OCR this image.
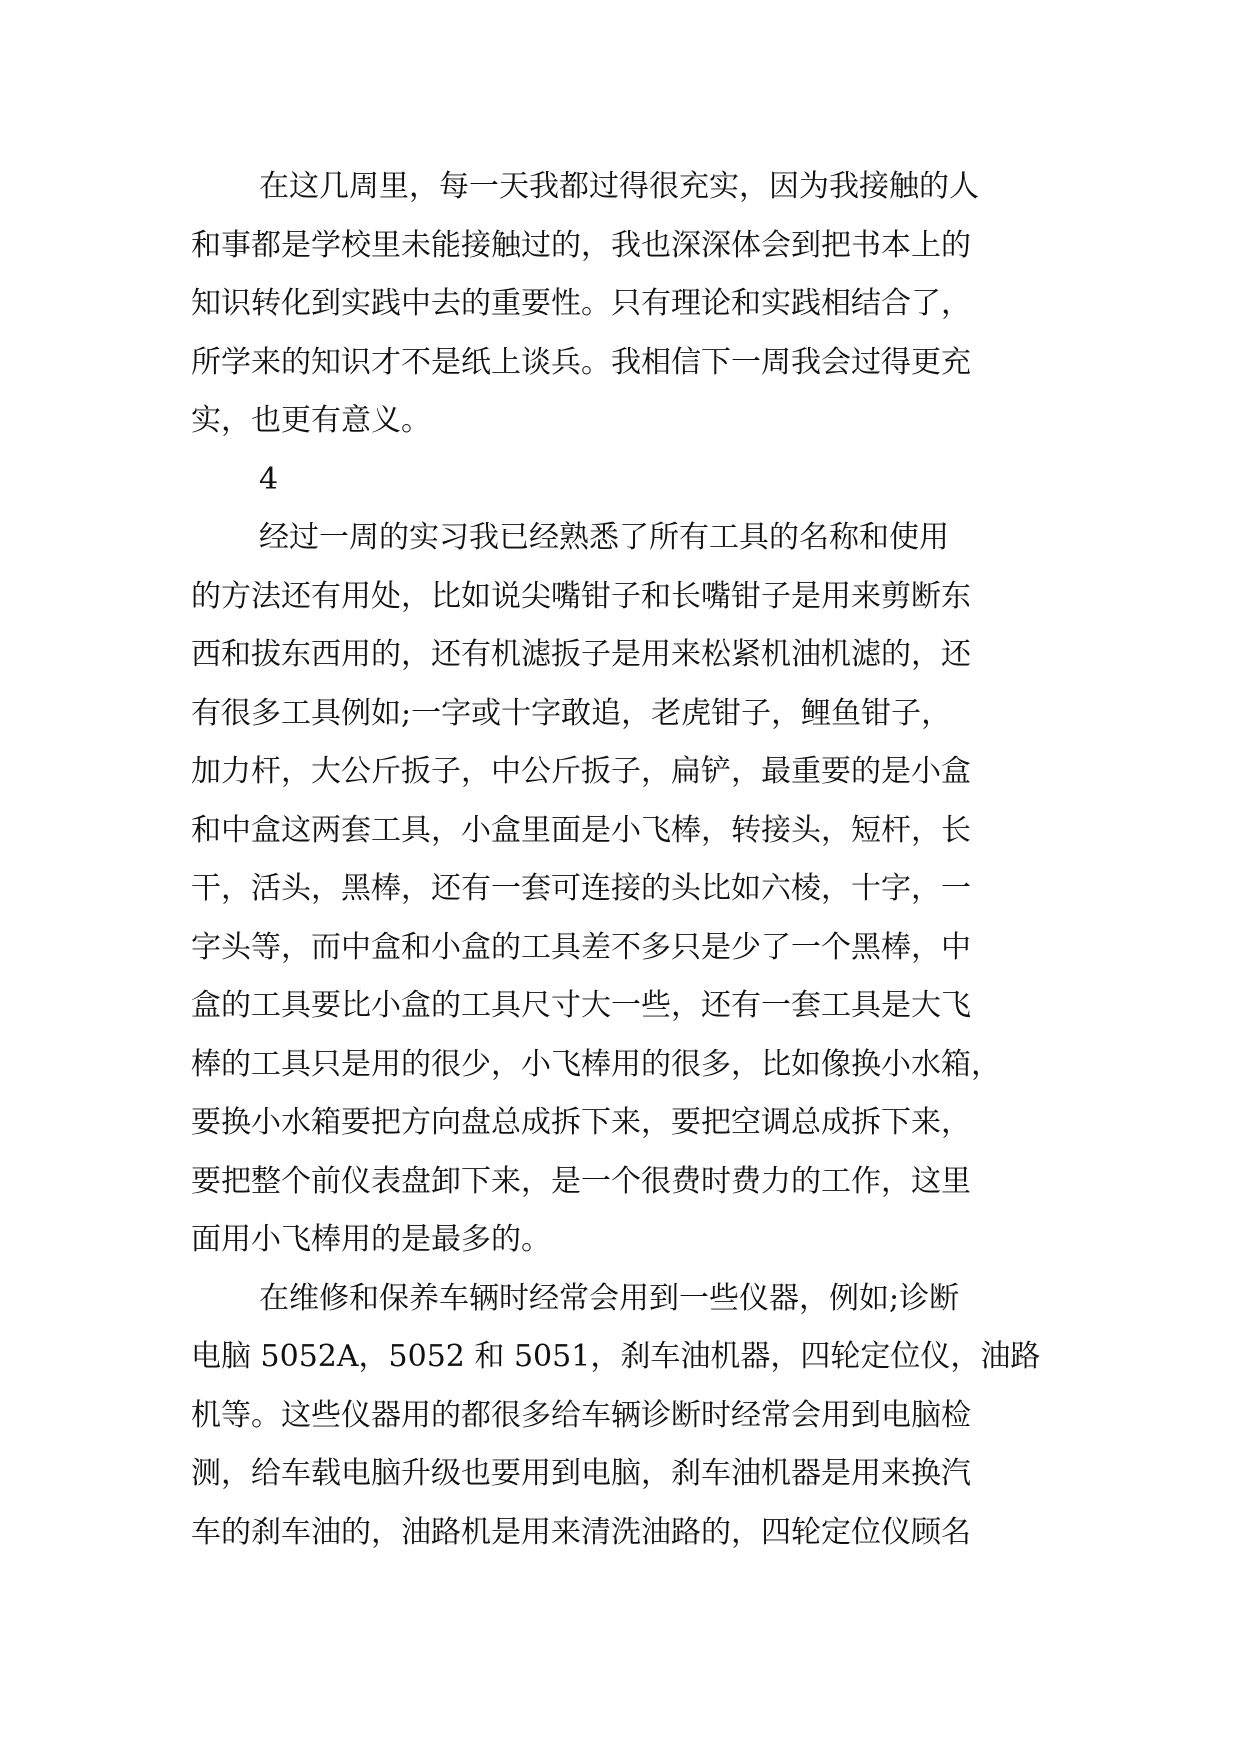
在这几周里，每一天我都过得很充实，因为我接触的人
和事都是学校里未能接触过的，我也深深体会到把书本上的
知识转化到实践中去的重要性。只有理论和实践相结合了，
所学来的知识才不是纸上谈兵。我相信下一周我会过得更充
实，也更有意义。
4
经过一周的实习我已经熟悉了所有工具的名称和使用
的方法还有用处，比如说尖嘴钳子和长嘴钳子是用来剪断东
西和拔东西用的，还有机滤扳子是用来松紧机油机滤的，还
有很多工具例如;一字或十字敢追，老虎钳子，鲤鱼钳子，
加力杆，大公斤扳子，中公斤扳子，扁铲，最重要的是小盒
和中盒这两套工具，小盒里面是小飞棒，转接头，短杆，长
干，活头，黑棒，还有一套可连接的头比如六棱，十字，一
字头等，而中盒和小盒的工具差不多只是少了一个黑棒，中
盒的工具要比小盒的工具尺寸大一些，还有一套工具是大飞
棒的工具只是用的很少，小飞棒用的很多，比如像换小水箱，
要换小水箱要把方向盘总成拆下来，要把空调总成拆下来，
要把整个前仪表盘卸下来，是一个很费时费力的工作，这里
面用小飞棒用的是最多的。
在维修和保养车辆时经常会用到一些仪器，例如;诊断
电脑 5052A，5052 和 5051，刹车油机器，四轮定位仪，油路
机等。这些仪器用的都很多给车辆诊断时经常会用到电脑检
测，给车载电脑升级也要用到电脑，刹车油机器是用来换汽
车的刹车油的，油路机是用来清洗油路的，四轮定位仪顾名
